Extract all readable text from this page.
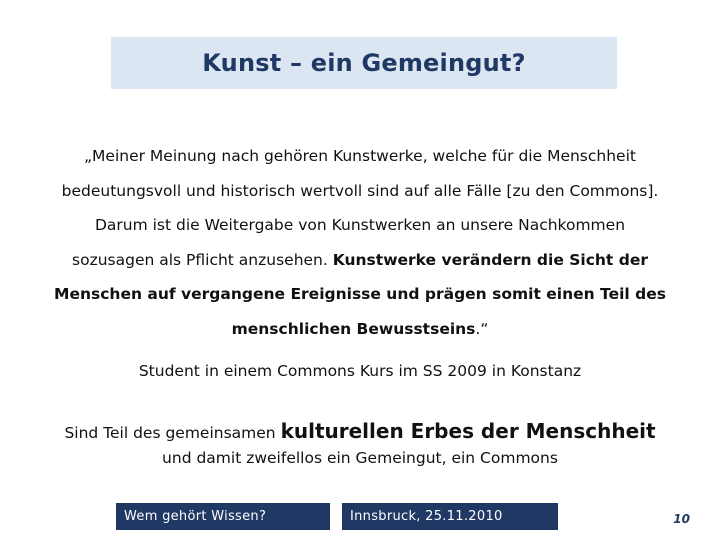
Kunst – ein Gemeingut?
„Meiner Meinung nach gehören Kunstwerke, welche für die Menschheit
bedeutungsvoll und historisch wertvoll sind auf alle Fälle [zu den Commons].
Darum ist die Weitergabe von Kunstwerken an unsere Nachkommen
sozusagen als Pflicht anzusehen. Kunstwerke verändern die Sicht der
Menschen auf vergangene Ereignisse und prägen somit einen Teil des
menschlichen Bewusstseins.“
Student in einem Commons Kurs im SS 2009 in Konstanz
Sind Teil des gemeinsamen kulturellen Erbes der Menschheit
und damit zweifellos ein Gemeingut, ein Commons
Wem gehört Wissen?	Innsbruck, 25.11.2010	10
